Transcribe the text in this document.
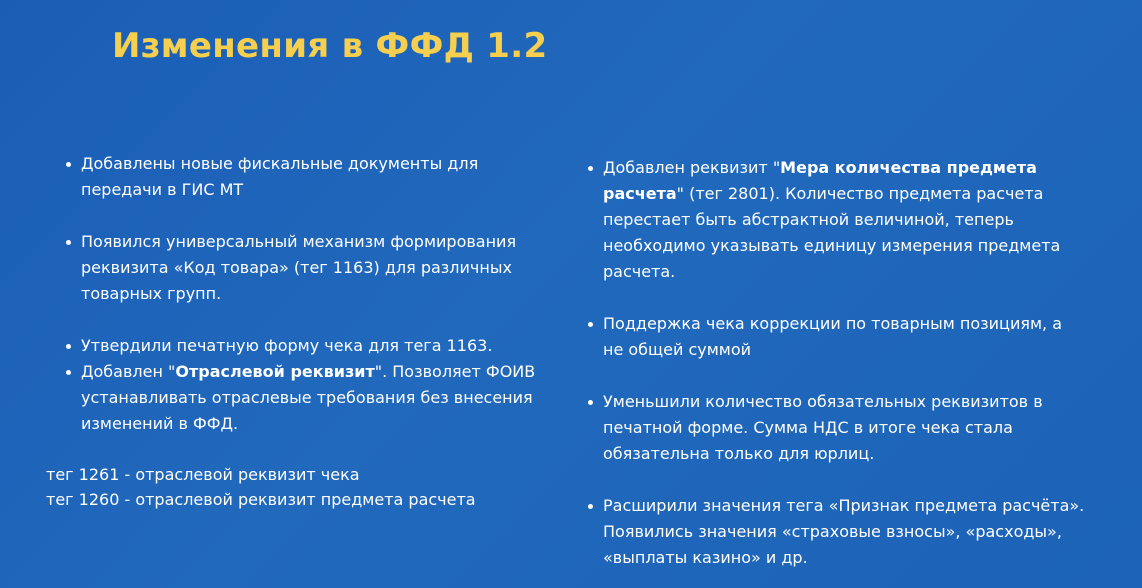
Изменения в ФФД 1.2
Добавлены новые фискальные документы для передачи в ГИС МТ
Появился универсальный механизм формирования реквизита «Код товара» (тег 1163) для различных товарных групп.
Утвердили печатную форму чека для тега 1163.
Добавлен "Отраслевой реквизит". Позволяет ФОИВ устанавливать отраслевые требования без внесения изменений в ФФД.
тег 1261 - отраслевой реквизит чека
тег 1260 - отраслевой реквизит предмета расчета
Добавлен реквизит "Мера количества предмета расчета" (тег 2801). Количество предмета расчета перестает быть абстрактной величиной, теперь необходимо указывать единицу измерения предмета расчета.
Поддержка чека коррекции по товарным позициям, а не общей суммой
Уменьшили количество обязательных реквизитов в печатной форме. Сумма НДС в итоге чека стала обязательна только для юрлиц.
Расширили значения тега «Признак предмета расчёта». Появились значения «страховые взносы», «расходы», «выплаты казино» и др.
